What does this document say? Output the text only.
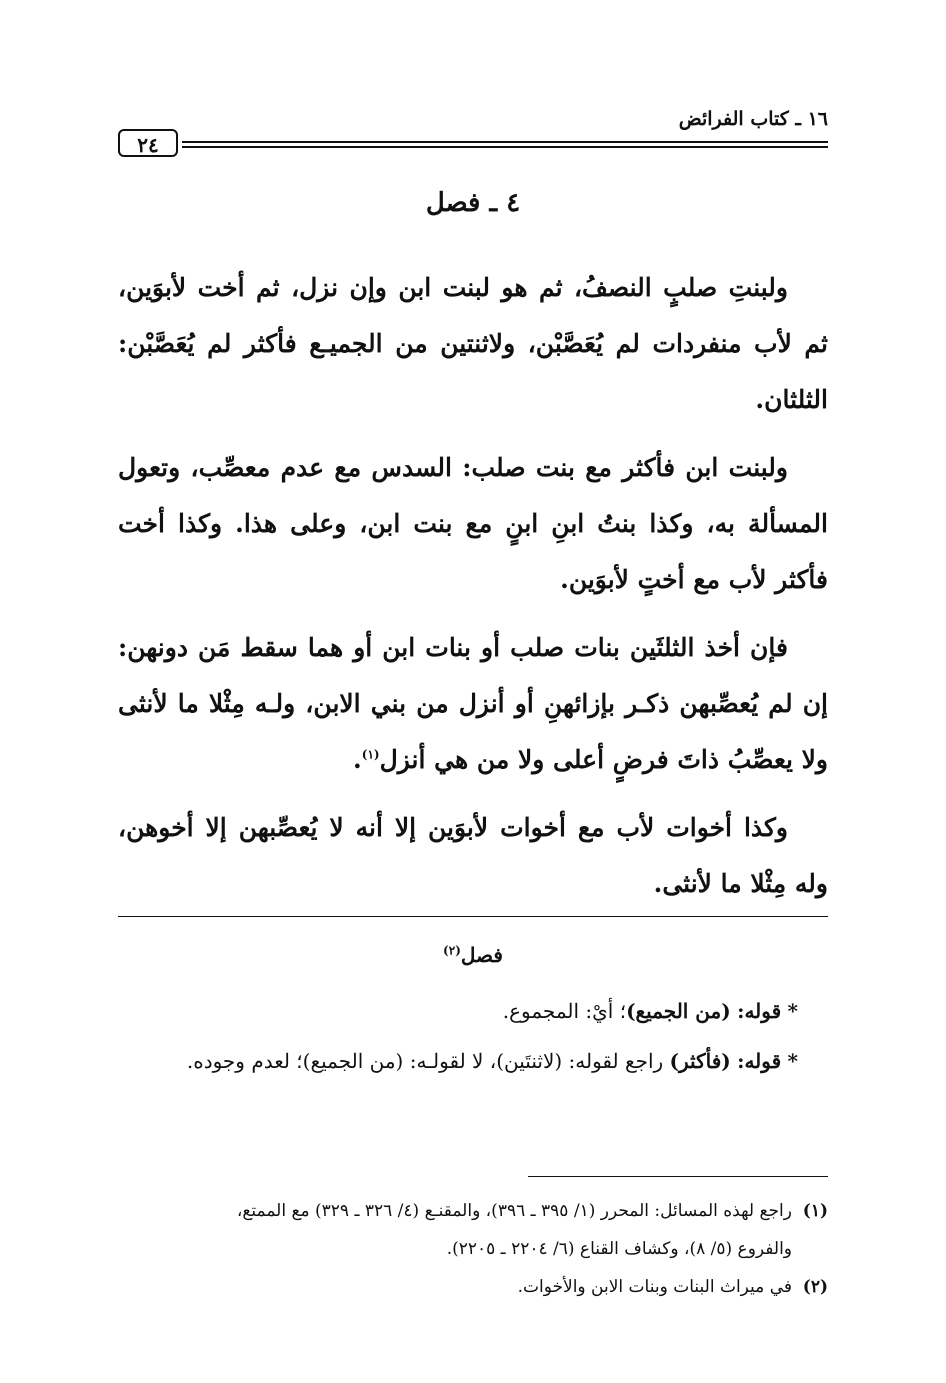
١٦ ـ كتاب الفرائض
٢٤
٤ ـ فصل

ولبنتِ صلبٍ النصفُ، ثم هو لبنت ابن وإن نزل، ثم أخت لأبوَين، ثم لأب منفردات لم يُعَصَّبْن، ولاثنتين من الجميـع فأكثر لم يُعَصَّبْن: الثلثان.

ولبنت ابن فأكثر مع بنت صلب: السدس مع عدم معصِّب، وتعول المسألة به، وكذا بنتُ ابنِ ابنٍ مع بنت ابن، وعلى هذا. وكذا أخت فأكثر لأب مع أختٍ لأبوَين.

فإن أخذ الثلثَين بنات صلب أو بنات ابن أو هما سقط مَن دونهن: إن لم يُعصِّبهن ذكـر بإزائهنِ أو أنزل من بني الابن، ولـه مِثْلا ما لأنثى ولا يعصِّبُ ذاتَ فرضٍ أعلى ولا من هي أنزل$^{(١)}$.

وكذا أخوات لأب مع أخوات لأبوَين إلا أنه لا يُعصِّبهن إلا أخوهن، وله مِثْلا ما لأنثى.

فصل$^{(٢)}$

* قوله: (من الجميع)؛ أيْ: المجموع.

* قوله: (فأكثر) راجع لقوله: (لاثنتَين)، لا لقولـه: (من الجميع)؛ لعدم وجوده.

(١)راجع لهذه المسائل: المحرر (١/ ٣٩٥ ـ ٣٩٦)، والمقنـع (٤/ ٣٢٦ ـ ٣٢٩) مع الممتع،

والفروع (٥/ ٨)، وكشاف القناع (٦/ ٢٢٠٤ ـ ٢٢٠٥).

(٢)في ميراث البنات وبنات الابن والأخوات.
